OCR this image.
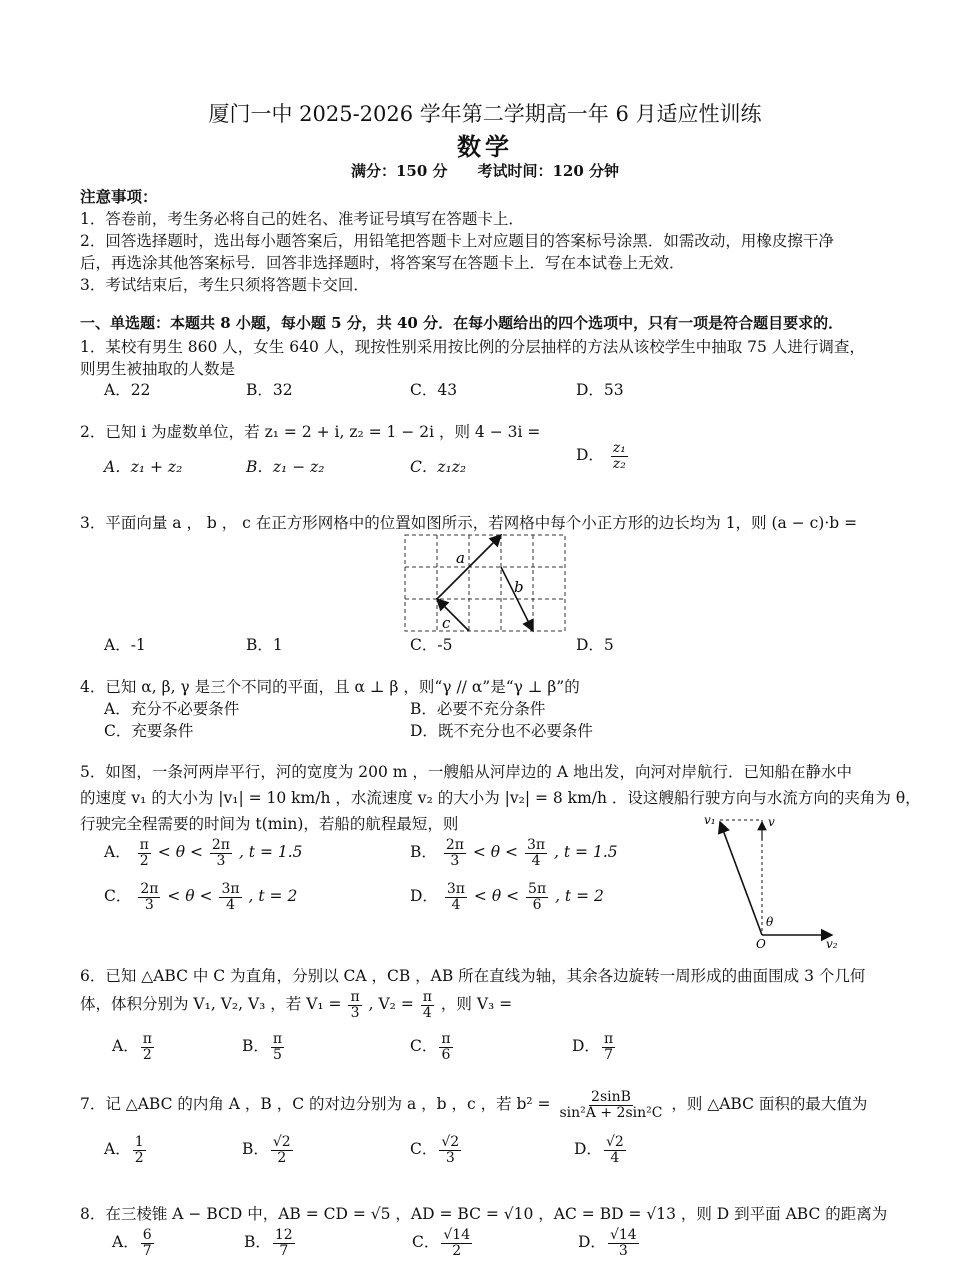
厦门一中 2025-2026 学年第二学期高一年 6 月适应性训练
数学
满分：150 分　　考试时间：120 分钟
注意事项：
1．答卷前，考生务必将自己的姓名、准考证号填写在答题卡上．
2．回答选择题时，选出每小题答案后，用铅笔把答题卡上对应题目的答案标号涂黑．如需改动，用橡皮擦干净
后，再选涂其他答案标号．回答非选择题时，将答案写在答题卡上．写在本试卷上无效．
3．考试结束后，考生只须将答题卡交回．
一、单选题：本题共 8 小题，每小题 5 分，共 40 分．在每小题给出的四个选项中，只有一项是符合题目要求的．
1．某校有男生 860 人，女生 640 人，现按性别采用按比例的分层抽样的方法从该校学生中抽取 75 人进行调查，
则男生被抽取的人数是
A．22	B．32	C．43	D．53
2．已知 i 为虚数单位，若 z₁ = 2 + i, z₂ = 1 − 2i ，则 4 − 3i =
A．z₁ + z₂	B．z₁ − z₂	C．z₁z₂
D． $\frac{\text{z₁}}{\text{z₂}}$
3．平面向量 a ， b ， c 在正方形网格中的位置如图所示，若网格中每个小正方形的边长均为 1，则 (a − c)·b =
a
b
c
A．-1	B．1	C．-5	D．5
4．已知 α, β, γ 是三个不同的平面，且 α ⊥ β ，则“γ // α”是“γ ⊥ β”的
A．充分不必要条件	B．必要不充分条件
C．充要条件	D．既不充分也不必要条件
5．如图，一条河两岸平行，河的宽度为 200 m ，一艘船从河岸边的 A 地出发，向河对岸航行．已知船在静水中
的速度 v₁ 的大小为 |v₁| = 10 km/h ，水流速度 v₂ 的大小为 |v₂| = 8 km/h ．设这艘船行驶方向与水流方向的夹角为 θ，
行驶完全程需要的时间为 t(min)，若船的航程最短，则
A． $\frac{\pi}{2} < \theta < \frac{2\pi}{3}$ , t = 1.5	B． $\frac{2\pi}{3} < \theta < \frac{3\pi}{4}$ , t = 1.5
C． $\frac{2\pi}{3} < \theta < \frac{3\pi}{4}$ , t = 2	D． $\frac{3\pi}{4} < \theta < \frac{5\pi}{6}$ , t = 2
v₁	v
θ
O	v₂
6．已知 △ABC 中 C 为直角，分别以 CA ，CB ，AB 所在直线为轴，其余各边旋转一周形成的曲面围成 3 个几何
体，体积分别为 V₁, V₂, V₃ ，若 $V_1 = \frac{\pi}{3}$ , $V_2 = \frac{\pi}{4}$ ，则 V₃ =
A． $\frac{\pi}{2}$	B． $\frac{\pi}{5}$	C． $\frac{\pi}{6}$	D． $\frac{\pi}{7}$
7．记 △ABC 的内角 A ，B ，C 的对边分别为 a ，b ，c ，若 $b^2 = \frac{2\sin B}{\text{sin²A + 2sin²C}}$ ，则 △ABC 面积的最大值为
A． $\frac{1}{2}$	B． $\frac{√2}{2}$	C． $\frac{√2}{3}$	D． $\frac{√2}{4}$
8．在三棱锥 A − BCD 中，AB = CD = √5 ，AD = BC = √10 ，AC = BD = √13 ，则 D 到平面 ABC 的距离为
A． $\frac{6}{7}$	B． $\frac{12}{7}$	C． $\frac{√14}{2}$	D． $\frac{√14}{3}$
